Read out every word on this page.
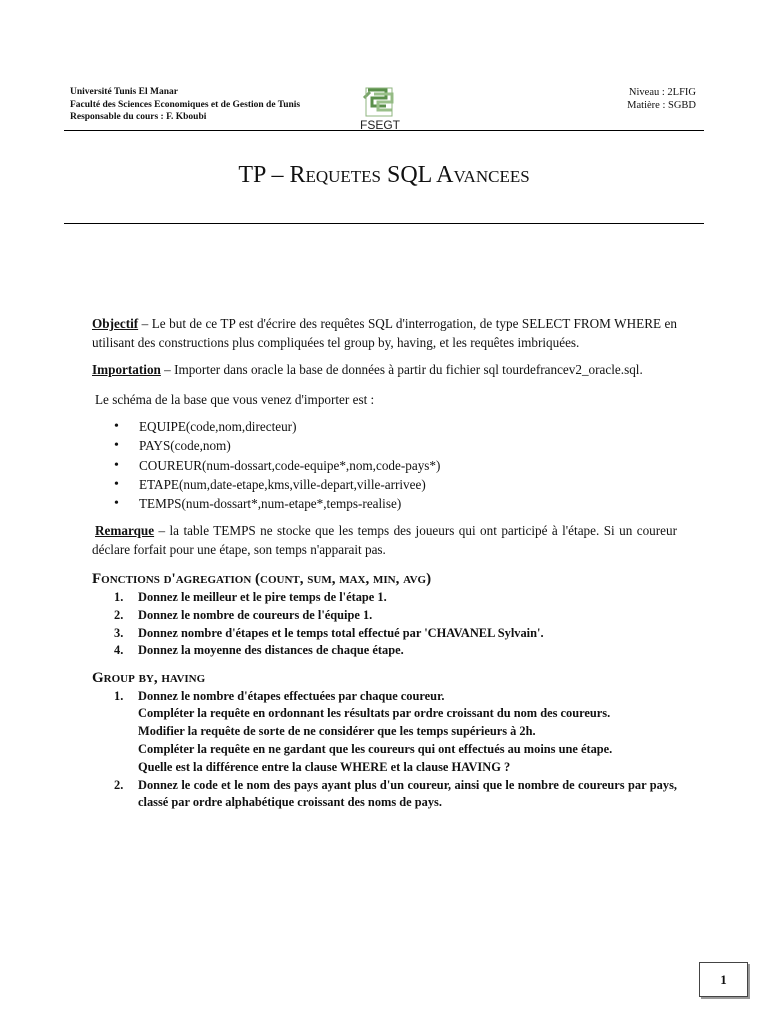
Université Tunis El Manar
Faculté des Sciences Economiques et de Gestion de Tunis
Responsable du cours : F. Kboubi
FSEGT
Niveau : 2LFIG
Matière : SGBD
TP – Requetes SQL Avancees

Objectif – Le but de ce TP est d'écrire des requêtes SQL d'interrogation, de type SELECT FROM WHERE en utilisant des constructions plus compliquées tel group by, having, et les requêtes imbriquées.

Importation – Importer dans oracle la base de données à partir du fichier sql tourdefrancev2_oracle.sql.

Le schéma de la base que vous venez d'importer est :

• EQUIPE(code,nom,directeur)
• PAYS(code,nom)
• COUREUR(num-dossart,code-equipe*,nom,code-pays*)
• ETAPE(num,date-etape,kms,ville-depart,ville-arrivee)
• TEMPS(num-dossart*,num-etape*,temps-realise)

Remarque – la table TEMPS ne stocke que les temps des joueurs qui ont participé à l'étape. Si un coureur déclare forfait pour une étape, son temps n'apparait pas.

Fonctions d'agregation (count, sum, max, min, avg)
1. Donnez le meilleur et le pire temps de l'étape 1.
2. Donnez le nombre de coureurs de l'équipe 1.
3. Donnez nombre d'étapes et le temps total effectué par 'CHAVANEL Sylvain'.
4. Donnez la moyenne des distances de chaque étape.
Group by, having
1. Donnez le nombre d'étapes effectuées par chaque coureur.
Compléter la requête en ordonnant les résultats par ordre croissant du nom des coureurs.
Modifier la requête de sorte de ne considérer que les temps supérieurs à 2h.
Compléter la requête en ne gardant que les coureurs qui ont effectués au moins une étape.
Quelle est la différence entre la clause WHERE et la clause HAVING ?
2. Donnez le code et le nom des pays ayant plus d'un coureur, ainsi que le nombre de coureurs par pays, classé par ordre alphabétique croissant des noms de pays.
1
